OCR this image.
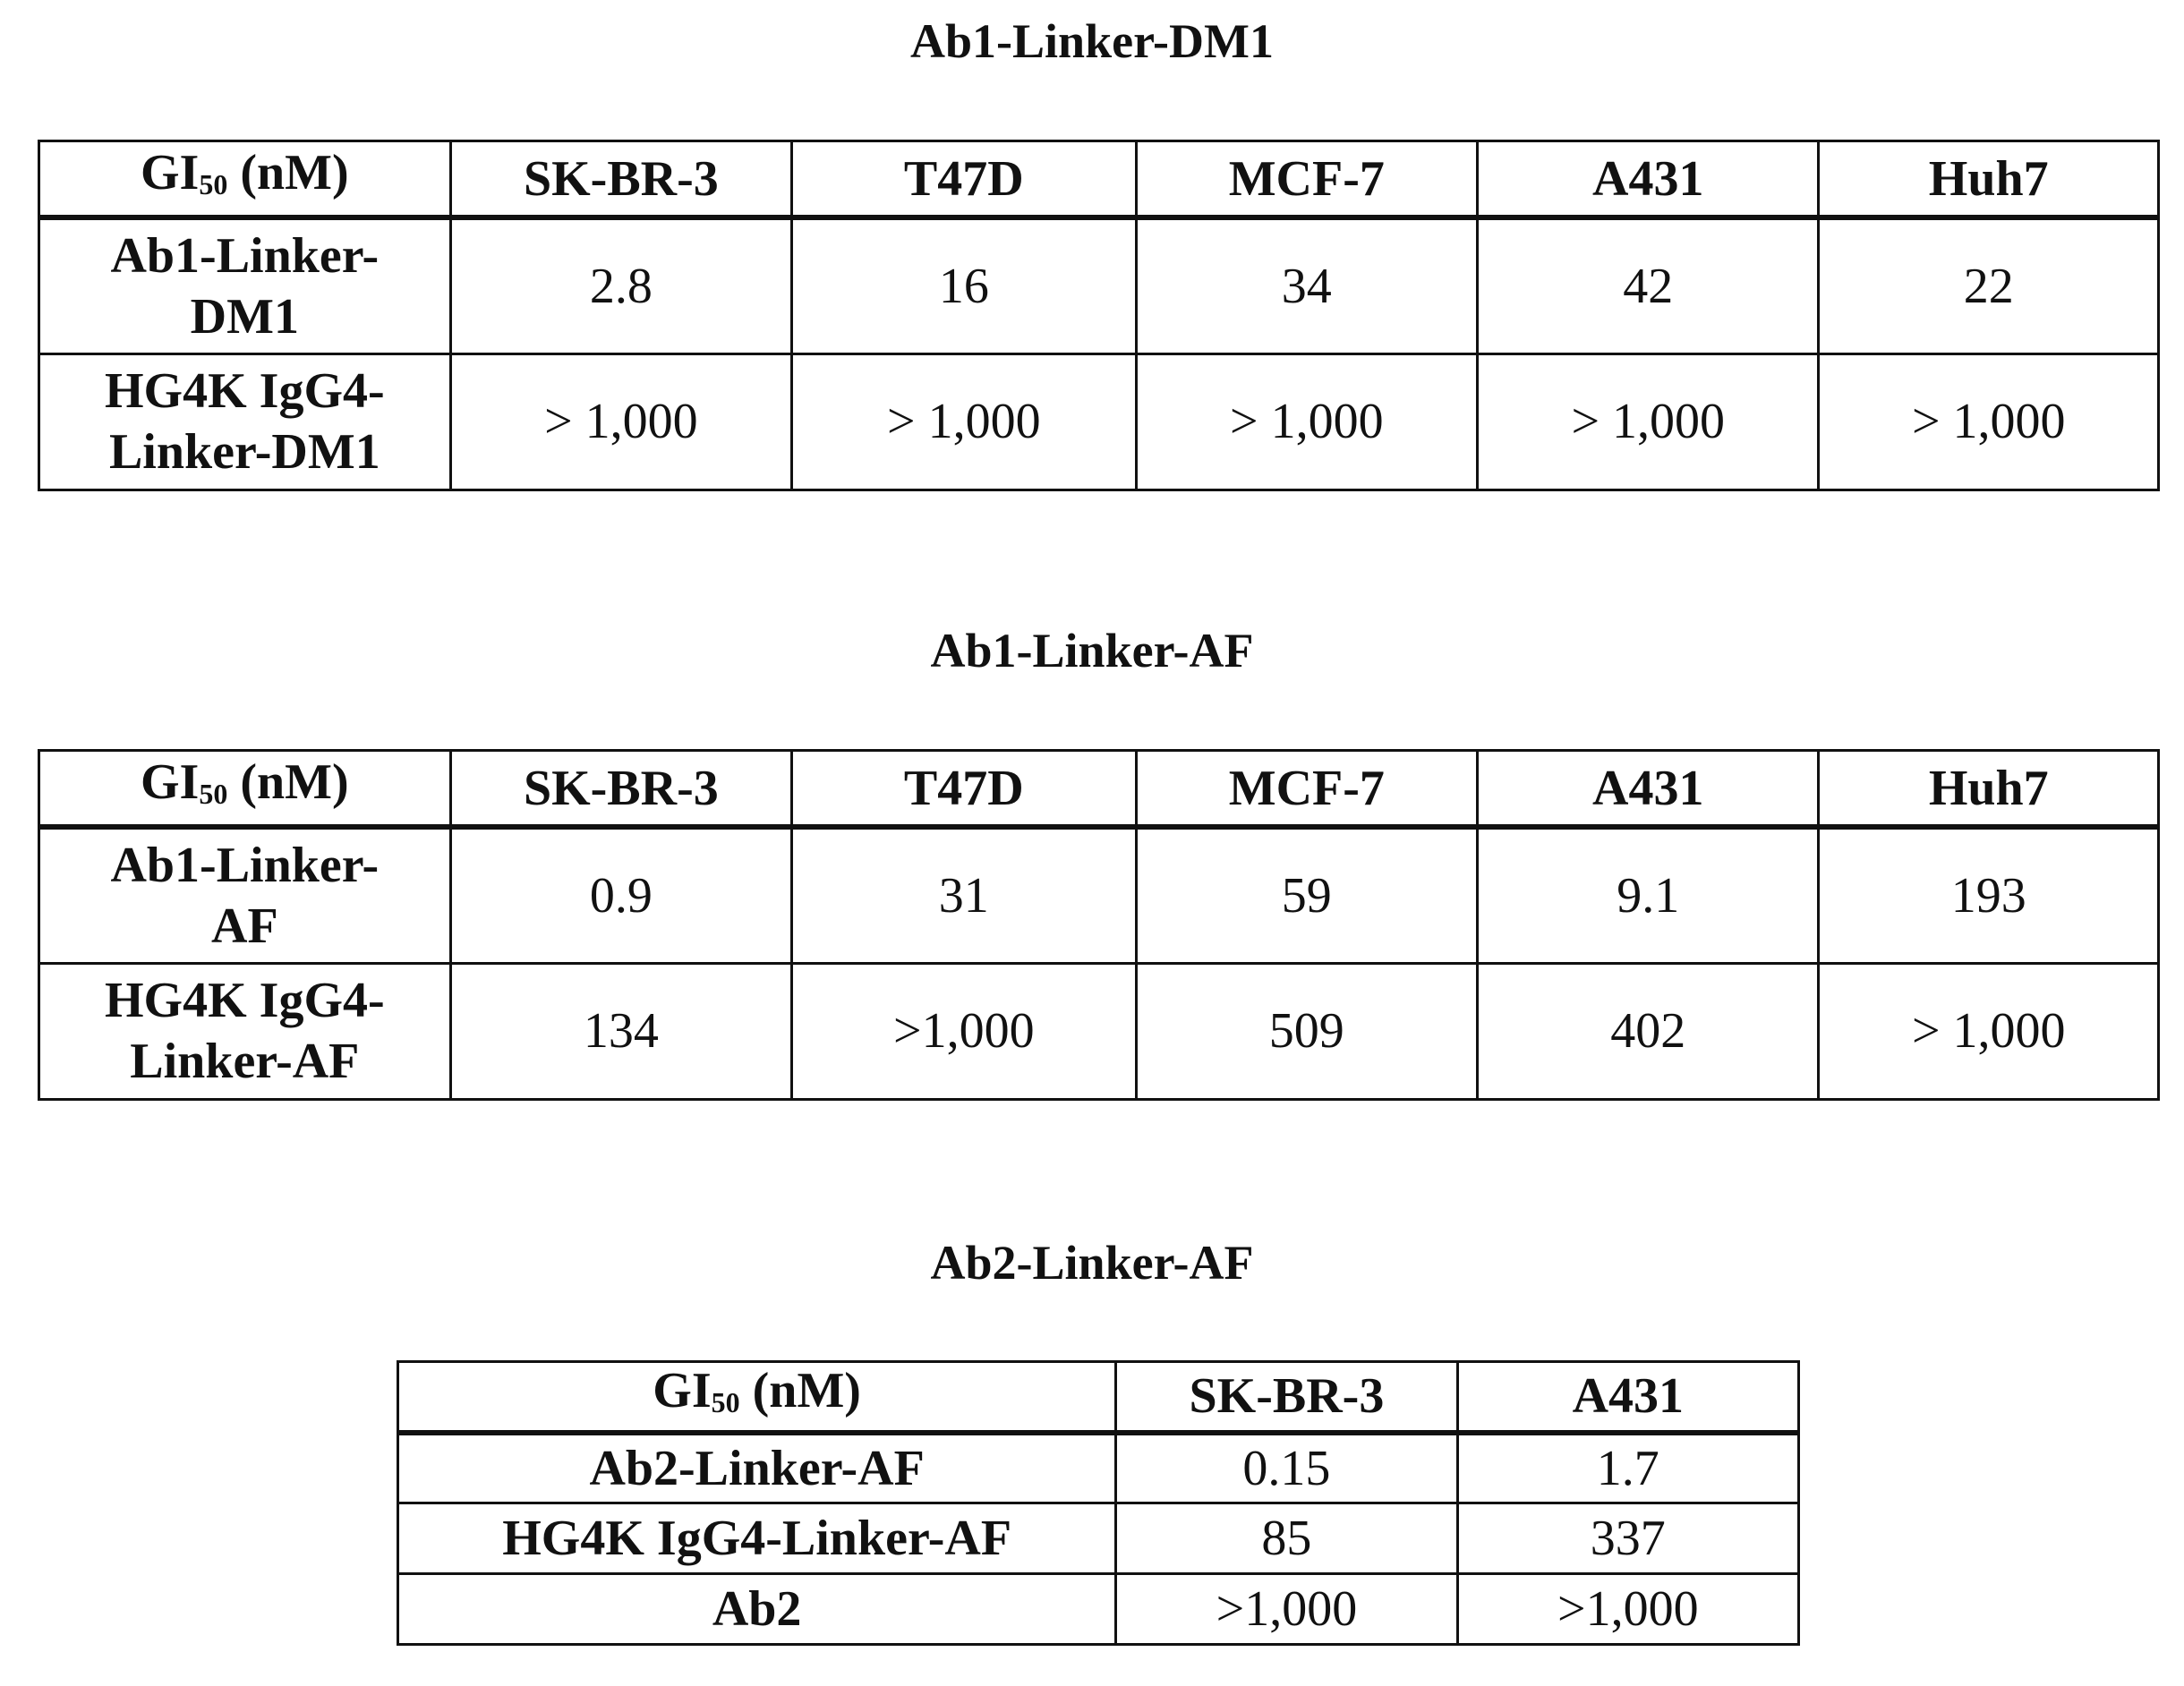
Ab1-Linker-DM1
GI50 (nM)	SK-BR-3	T47D	MCF-7	A431	Huh7
Ab1-Linker-DM1	2.8	16	34	42	22
HG4K IgG4-Linker-DM1	> 1,000	> 1,000	> 1,000	> 1,000	> 1,000
Ab1-Linker-AF
GI50 (nM)	SK-BR-3	T47D	MCF-7	A431	Huh7
Ab1-Linker-AF	0.9	31	59	9.1	193
HG4K IgG4-Linker-AF	134	>1,000	509	402	> 1,000
Ab2-Linker-AF
GI50 (nM)	SK-BR-3	A431
Ab2-Linker-AF	0.15	1.7
HG4K IgG4-Linker-AF	85	337
Ab2	>1,000	>1,000
